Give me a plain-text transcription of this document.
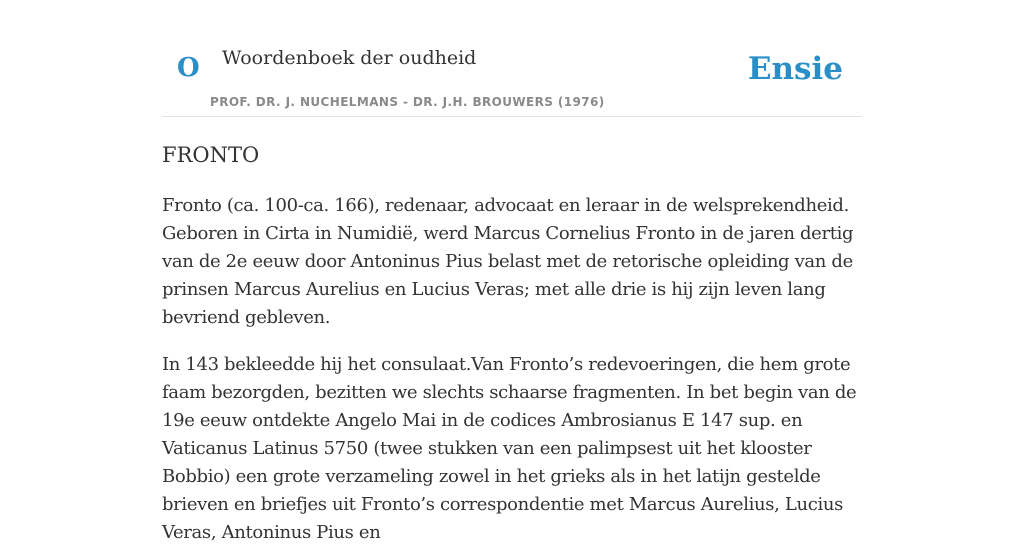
O Woordenboek der oudheid
PROF. DR. J. NUCHELMANS - DR. J.H. BROUWERS (1976)
Ensie
FRONTO

Fronto (ca. 100-ca. 166), redenaar, advocaat en leraar in de welsprekendheid. Geboren in Cirta in Numidië, werd Marcus Cornelius Fronto in de jaren dertig van de 2e eeuw door Antoninus Pius belast met de retorische opleiding van de prinsen Marcus Aurelius en Lucius Veras; met alle drie is hij zijn leven lang bevriend gebleven.

In 143 bekleedde hij het consulaat.Van Fronto’s redevoeringen, die hem grote faam bezorgden, bezitten we slechts schaarse fragmenten. In bet begin van de 19e eeuw ontdekte Angelo Mai in de codices Ambrosianus E 147 sup. en Vaticanus Latinus 5750 (twee stukken van een palimpsest uit het klooster Bobbio) een grote verzameling zowel in het grieks als in het latijn gestelde brieven en briefjes uit Fronto’s correspondentie met Marcus Aurelius, Lucius Veras, Antoninus Pius en
